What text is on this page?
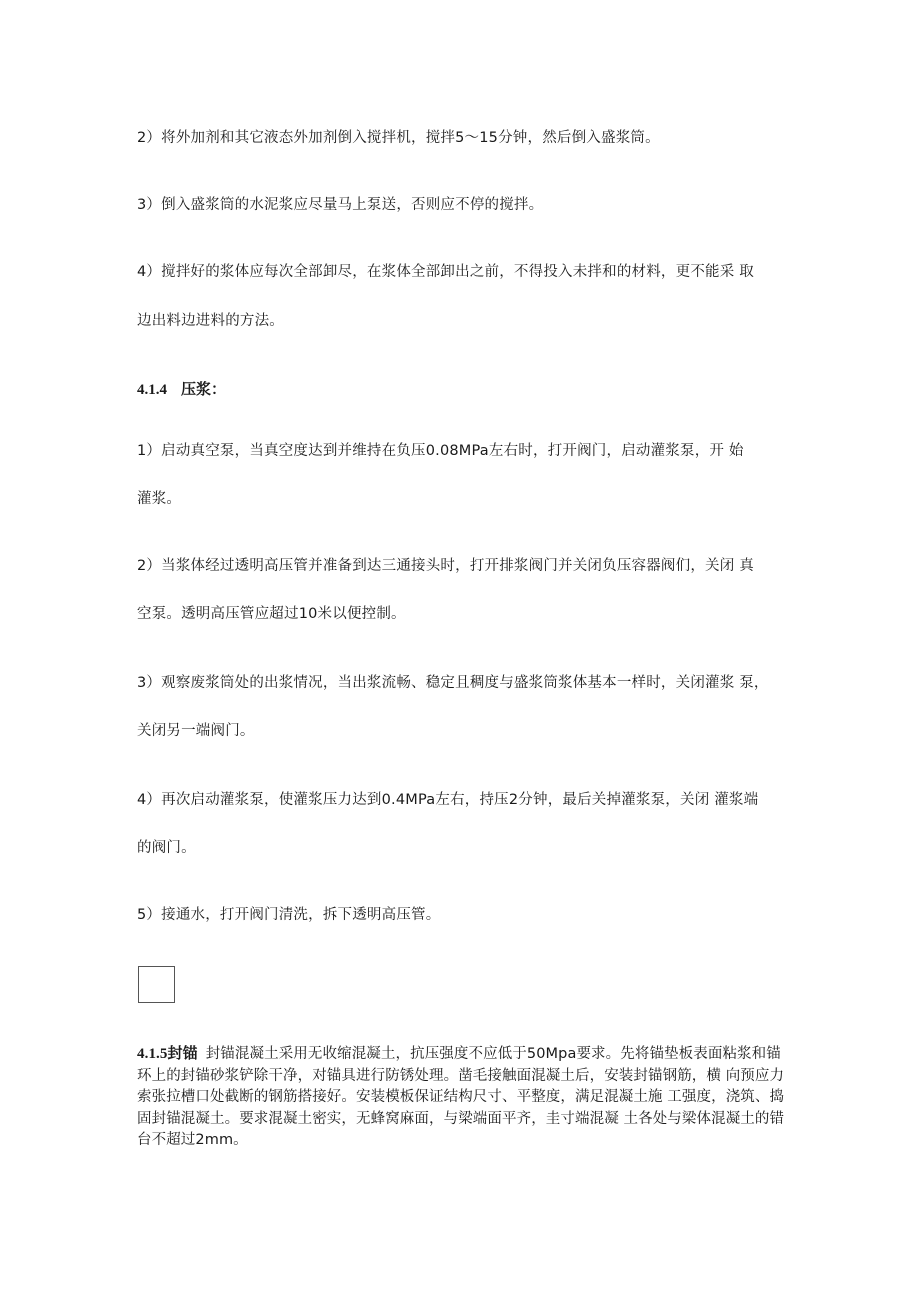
2）将外加剂和其它液态外加剂倒入搅拌机，搅拌5～15分钟，然后倒入盛浆筒。
3）倒入盛浆筒的水泥浆应尽量马上泵送，否则应不停的搅拌。
4）搅拌好的浆体应每次全部卸尽，在浆体全部卸出之前，不得投入未拌和的材料，更不能采 取
边出料边进料的方法。
4.1.4 压浆：
1）启动真空泵，当真空度达到并维持在负压0.08MPa左右时，打开阀门，启动灌浆泵，开 始
灌浆。
2）当浆体经过透明高压管并准备到达三通接头时，打开排浆阀门并关闭负压容器阀们，关闭 真
空泵。透明高压管应超过10米以便控制。
3）观察废浆筒处的出浆情况，当出浆流畅、稳定且稠度与盛浆筒浆体基本一样时，关闭灌浆 泵，
关闭另一端阀门。
4）再次启动灌浆泵，使灌浆压力达到0.4MPa左右，持压2分钟，最后关掉灌浆泵，关闭 灌浆端
的阀门。
5）接通水，打开阀门清洗，拆下透明高压管。
4.1.5封锚 封锚混凝土采用无收缩混凝土，抗压强度不应低于50Mpa要求。先将锚垫板表面粘浆和锚 环上的封锚砂浆铲除干净，对锚具进行防锈处理。凿毛接触面混凝土后，安装封锚钢筋，横 向预应力索张拉槽口处截断的钢筋搭接好。安装模板保证结构尺寸、平整度，满足混凝土施 工强度，浇筑、捣固封锚混凝土。要求混凝土密实，无蜂窝麻面，与梁端面平齐，圭寸端混凝 土各处与梁体混凝土的错台不超过2mm。
